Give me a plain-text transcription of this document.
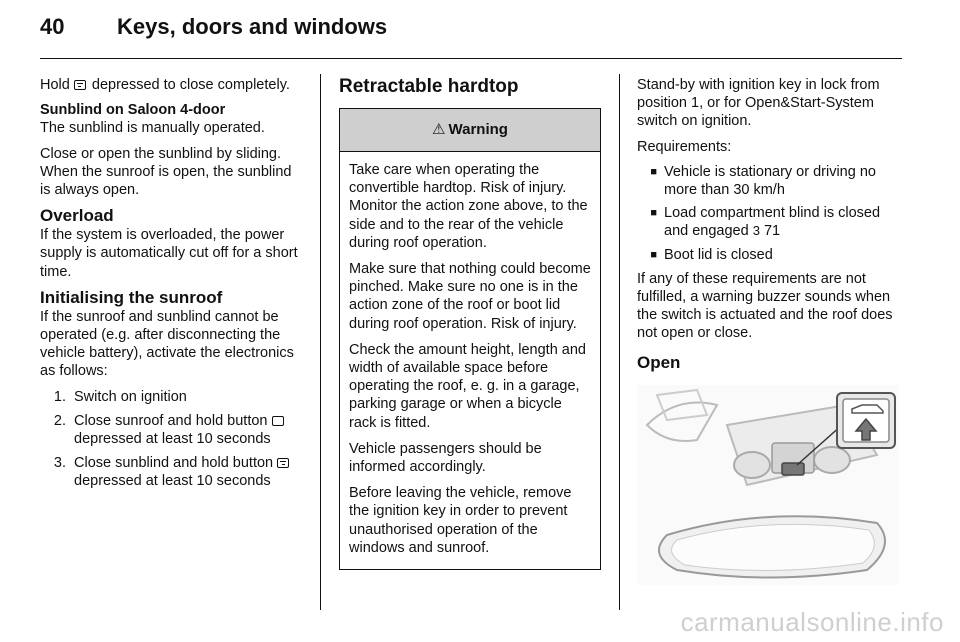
40 Keys, doors and windows

Hold depressed to close completely.

Sunblind on Saloon 4-door

The sunblind is manually operated.

Close or open the sunblind by sliding. When the sunroof is open, the sunblind is always open.

Overload

If the system is overloaded, the power supply is automatically cut off for a short time.

Initialising the sunroof

If the sunroof and sunblind cannot be operated (e.g. after disconnecting the vehicle battery), activate the electronics as follows:

1. Switch on ignition
2. Close sunroof and hold button  depressed at least 10 seconds
3. Close sunblind and hold button  depressed at least 10 seconds
Retractable hardtop
⚠ Warning

Take care when operating the convertible hardtop. Risk of injury. Monitor the action zone above, to the side and to the rear of the vehicle during roof operation.

Make sure that nothing could become pinched. Make sure no one is in the action zone of the roof or boot lid during roof operation. Risk of injury.

Check the amount height, length and width of available space before operating the roof, e. g. in a garage, parking garage or when a bicycle rack is fitted.

Vehicle passengers should be informed accordingly.

Before leaving the vehicle, remove the ignition key in order to prevent unauthorised operation of the windows and sunroof.

Stand-by with ignition key in lock from position 1, or for Open&Start-System switch on ignition.

Requirements:

■ Vehicle is stationary or driving no more than 30 km/h
■ Load compartment blind is closed and engaged 3 71
■ Boot lid is closed

If any of these requirements are not fulfilled, a warning buzzer sounds when the switch is actuated and the roof does not open or close.

Open
carmanualsonline.info
